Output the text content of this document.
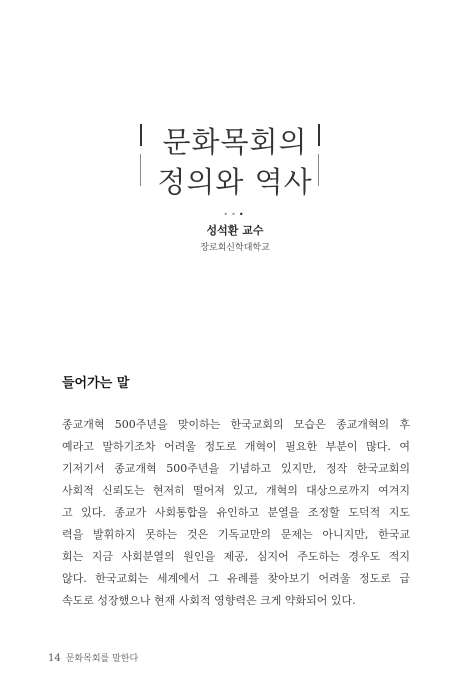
문화목회의
정의와 역사
•••
성석환 교수
장로회신학대학교
들어가는 말
종교개혁 500주년을 맞이하는 한국교회의 모습은 종교개혁의 후
예라고 말하기조차 어려울 정도로 개혁이 필요한 부분이 많다. 여
기저기서 종교개혁 500주년을 기념하고 있지만, 정작 한국교회의
사회적 신뢰도는 현저히 떨어져 있고, 개혁의 대상으로까지 여겨지
고 있다. 종교가 사회통합을 유인하고 분열을 조정할 도덕적 지도
력을 발휘하지 못하는 것은 기독교만의 문제는 아니지만, 한국교
회는 지금 사회분열의 원인을 제공, 심지어 주도하는 경우도 적지
않다. 한국교회는 세계에서 그 유례를 찾아보기 어려울 정도로 급
속도로 성장했으나 현재 사회적 영향력은 크게 약화되어 있다.
14 문화목회를 말한다
